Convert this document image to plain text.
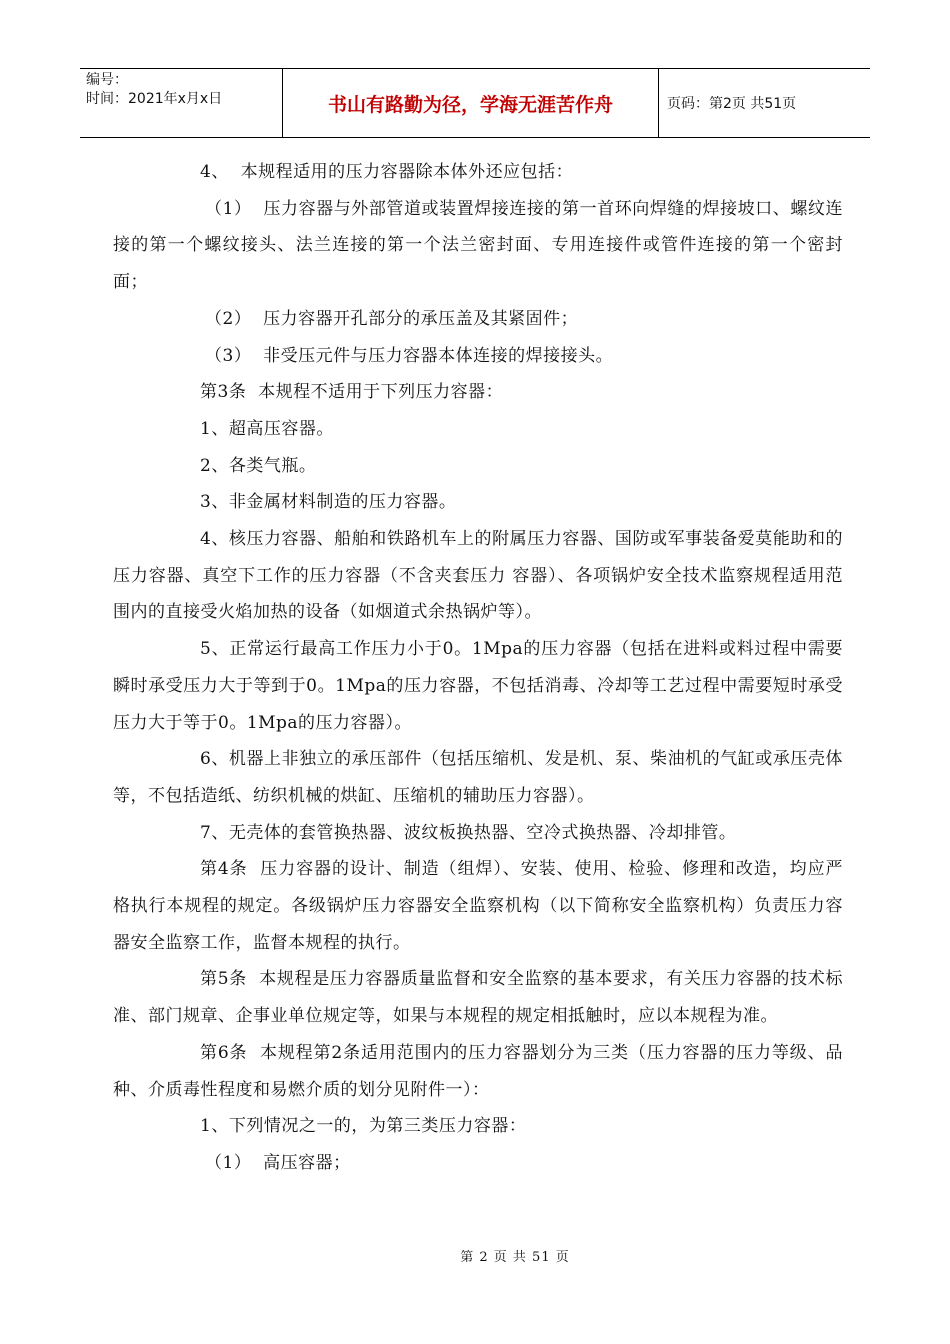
编号：
时间：2021年x月x日	书山有路勤为径，学海无涯苦作舟	页码：第2页 共51页

4、  本规程适用的压力容器除本体外还应包括：

（1）  压力容器与外部管道或装置焊接连接的第一首环向焊缝的焊接坡口、螺纹连接的第一个螺纹接头、法兰连接的第一个法兰密封面、专用连接件或管件连接的第一个密封面；

（2）  压力容器开孔部分的承压盖及其紧固件；

（3）  非受压元件与压力容器本体连接的焊接接头。

第3条  本规程不适用于下列压力容器：

1、超高压容器。

2、各类气瓶。

3、非金属材料制造的压力容器。

4、核压力容器、船舶和铁路机车上的附属压力容器、国防或军事装备爱莫能助和的压力容器、真空下工作的压力容器（不含夹套压力 容器）、各项锅炉安全技术监察规程适用范围内的直接受火焰加热的设备（如烟道式余热锅炉等）。

5、正常运行最高工作压力小于0。1Mpa的压力容器（包括在进料或料过程中需要瞬时承受压力大于等到于0。1Mpa的压力容器，不包括消毒、冷却等工艺过程中需要短时承受压力大于等于0。1Mpa的压力容器）。

6、机器上非独立的承压部件（包括压缩机、发是机、泵、柴油机的气缸或承压壳体等，不包括造纸、纺织机械的烘缸、压缩机的辅助压力容器）。

7、无壳体的套管换热器、波纹板换热器、空冷式换热器、冷却排管。

第4条  压力容器的设计、制造（组焊）、安装、使用、检验、修理和改造，均应严格执行本规程的规定。各级锅炉压力容器安全监察机构（以下简称安全监察机构）负责压力容器安全监察工作，监督本规程的执行。

第5条  本规程是压力容器质量监督和安全监察的基本要求，有关压力容器的技术标准、部门规章、企事业单位规定等，如果与本规程的规定相抵触时，应以本规程为准。

第6条  本规程第2条适用范围内的压力容器划分为三类（压力容器的压力等级、品种、介质毒性程度和易燃介质的划分见附件一）：

1、下列情况之一的，为第三类压力容器：

（1）  高压容器；

第 2 页 共 51 页
